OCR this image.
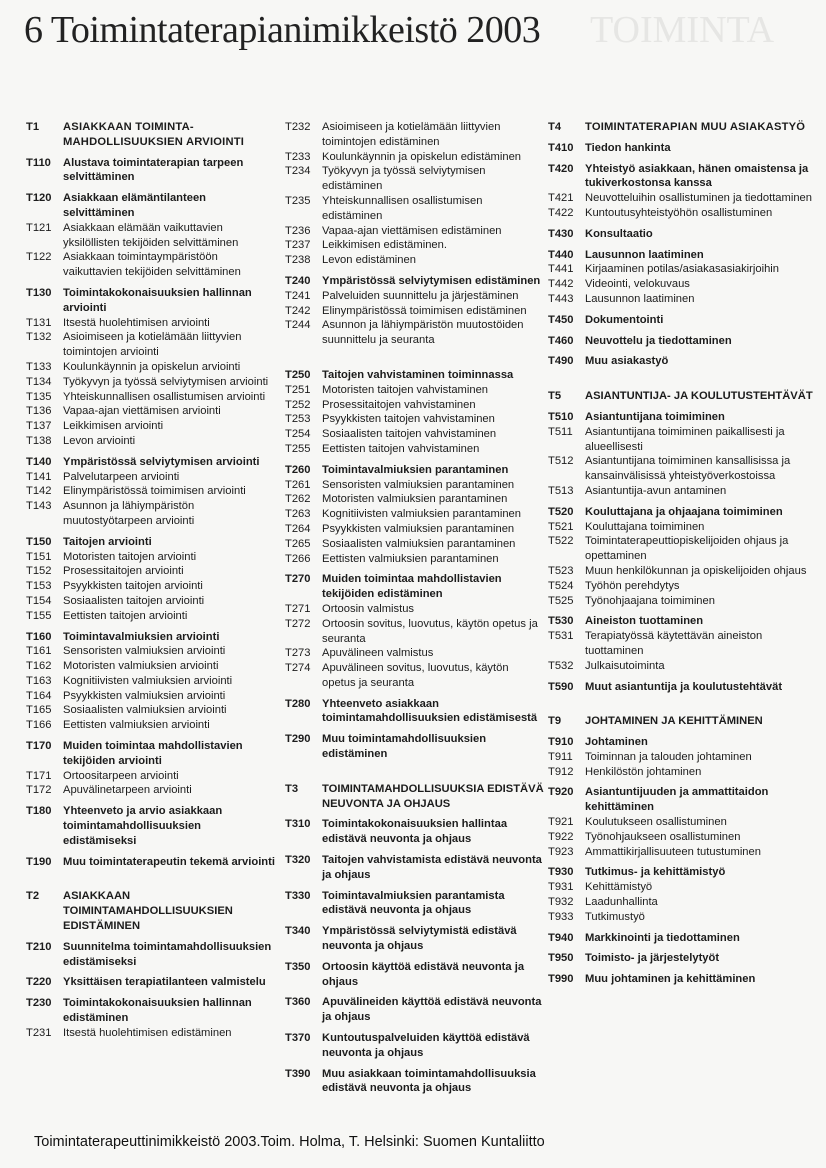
TOIMINTA
6 Toimintaterapianimikkeistö 2003
T1	ASIAKKAAN TOIMINTA-MAHDOLLISUUKSIEN ARVIOINTI
T110	Alustava toimintaterapian tarpeen selvittäminen
T120	Asiakkaan elämäntilanteen selvittäminen
T121	Asiakkaan elämään vaikuttavien yksilöllisten tekijöiden selvittäminen
T122	Asiakkaan toimintaympäristöön vaikuttavien tekijöiden selvittäminen
T130	Toimintakokonaisuuksien hallinnan arviointi
T131	Itsestä huolehtimisen arviointi
T132	Asioimiseen ja kotielämään liittyvien toimintojen arviointi
T133	Koulunkäynnin ja opiskelun arviointi
T134	Työkyvyn ja työssä selviytymisen arviointi
T135	Yhteiskunnallisen osallistumisen arviointi
T136	Vapaa-ajan viettämisen arviointi
T137	Leikkimisen arviointi
T138	Levon arviointi
T140	Ympäristössä selviytymisen arviointi
T141	Palvelutarpeen arviointi
T142	Elinympäristössä toimimisen arviointi
T143	Asunnon ja lähiympäristön muutostyötarpeen arviointi
T150	Taitojen arviointi
T151	Motoristen taitojen arviointi
T152	Prosessitaitojen arviointi
T153	Psyykkisten taitojen arviointi
T154	Sosiaalisten taitojen arviointi
T155	Eettisten taitojen arviointi
T160	Toimintavalmiuksien arviointi
T161	Sensoristen valmiuksien arviointi
T162	Motoristen valmiuksien arviointi
T163	Kognitiivisten valmiuksien arviointi
T164	Psyykkisten valmiuksien arviointi
T165	Sosiaalisten valmiuksien arviointi
T166	Eettisten valmiuksien arviointi
T170	Muiden toimintaa mahdollistavien tekijöiden arviointi
T171	Ortoositarpeen arviointi
T172	Apuvälinetarpeen arviointi
T180	Yhteenveto ja arvio asiakkaan toimintamahdollisuuksien edistämiseksi
T190	Muu toimintaterapeutin tekemä arviointi
T2	ASIAKKAAN TOIMINTAMAHDOLLISUUKSIEN EDISTÄMINEN
T210	Suunnitelma toimintamahdollisuuksien edistämiseksi
T220	Yksittäisen terapiatilanteen valmistelu
T230	Toimintakokonaisuuksien hallinnan edistäminen
T231	Itsestä huolehtimisen edistäminen
T232	Asioimiseen ja kotielämään liittyvien toimintojen edistäminen
T233	Koulunkäynnin ja opiskelun edistäminen
T234	Työkyvyn ja työssä selviytymisen edistäminen
T235	Yhteiskunnallisen osallistumisen edistäminen
T236	Vapaa-ajan viettämisen edistäminen
T237	Leikkimisen edistäminen.
T238	Levon edistäminen
T240	Ympäristössä selviytymisen edistäminen
T241	Palveluiden suunnittelu ja järjestäminen
T242	Elinympäristössä toimimisen edistäminen
T244	Asunnon ja lähiympäristön muutostöiden suunnittelu ja seuranta
T250	Taitojen vahvistaminen toiminnassa
T251	Motoristen taitojen vahvistaminen
T252	Prosessitaitojen vahvistaminen
T253	Psyykkisten taitojen vahvistaminen
T254	Sosiaalisten taitojen vahvistaminen
T255	Eettisten taitojen vahvistaminen
T260	Toimintavalmiuksien parantaminen
T261	Sensoristen valmiuksien parantaminen
T262	Motoristen valmiuksien parantaminen
T263	Kognitiivisten valmiuksien parantaminen
T264	Psyykkisten valmiuksien parantaminen
T265	Sosiaalisten valmiuksien parantaminen
T266	Eettisten valmiuksien parantaminen
T270	Muiden toimintaa mahdollistavien tekijöiden edistäminen
T271	Ortoosin valmistus
T272	Ortoosin sovitus, luovutus, käytön opetus ja seuranta
T273	Apuvälineen valmistus
T274	Apuvälineen sovitus, luovutus, käytön opetus ja seuranta
T280	Yhteenveto asiakkaan toimintamahdollisuuksien edistämisestä
T290	Muu toimintamahdollisuuksien edistäminen
T3	TOIMINTAMAHDOLLISUUKSIA EDISTÄVÄ NEUVONTA JA OHJAUS
T310	Toimintakokonaisuuksien hallintaa edistävä neuvonta ja ohjaus
T320	Taitojen vahvistamista edistävä neuvonta ja ohjaus
T330	Toimintavalmiuksien parantamista edistävä neuvonta ja ohjaus
T340	Ympäristössä selviytymistä edistävä neuvonta ja ohjaus
T350	Ortoosin käyttöä edistävä neuvonta ja ohjaus
T360	Apuvälineiden käyttöä edistävä neuvonta ja ohjaus
T370	Kuntoutuspalveluiden käyttöä edistävä neuvonta ja ohjaus
T390	Muu asiakkaan toimintamahdollisuuksia edistävä neuvonta ja ohjaus
T4	TOIMINTATERAPIAN MUU ASIAKASTYÖ
T410	Tiedon hankinta
T420	Yhteistyö asiakkaan, hänen omaistensa ja tukiverkostonsa kanssa
T421	Neuvotteluihin osallistuminen ja tiedottaminen
T422	Kuntoutusyhteistyöhön osallistuminen
T430	Konsultaatio
T440	Lausunnon laatiminen
T441	Kirjaaminen potilas/asiakasasiakirjoihin
T442	Videointi, velokuvaus
T443	Lausunnon laatiminen
T450	Dokumentointi
T460	Neuvottelu ja tiedottaminen
T490	Muu asiakastyö
T5	ASIANTUNTIJA- JA KOULUTUSTEHTÄVÄT
T510	Asiantuntijana toimiminen
T511	Asiantuntijana toimiminen paikallisesti ja alueellisesti
T512	Asiantuntijana toimiminen kansallisissa ja kansainvälisissä yhteistyöverkostoissa
T513	Asiantuntija-avun antaminen
T520	Kouluttajana ja ohjaajana toimiminen
T521	Kouluttajana toimiminen
T522	Toimintaterapeuttiopiskelijoiden ohjaus ja opettaminen
T523	Muun henkilökunnan ja opiskelijoiden ohjaus
T524	Työhön perehdytys
T525	Työnohjaajana toimiminen
T530	Aineiston tuottaminen
T531	Terapiatyössä käytettävän aineiston tuottaminen
T532	Julkaisutoiminta
T590	Muut asiantuntija ja koulutustehtävät
T9	JOHTAMINEN JA KEHITTÄMINEN
T910	Johtaminen
T911	Toiminnan ja talouden johtaminen
T912	Henkilöstön johtaminen
T920	Asiantuntijuuden ja ammattitaidon kehittäminen
T921	Koulutukseen osallistuminen
T922	Työnohjaukseen osallistuminen
T923	Ammattikirjallisuuteen tutustuminen
T930	Tutkimus- ja kehittämistyö
T931	Kehittämistyö
T932	Laadunhallinta
T933	Tutkimustyö
T940	Markkinointi ja tiedottaminen
T950	Toimisto- ja järjestelytyöt
T990	Muu johtaminen ja kehittäminen
Toimintaterapeuttinimikkeistö 2003.Toim. Holma, T. Helsinki: Suomen Kuntaliitto
